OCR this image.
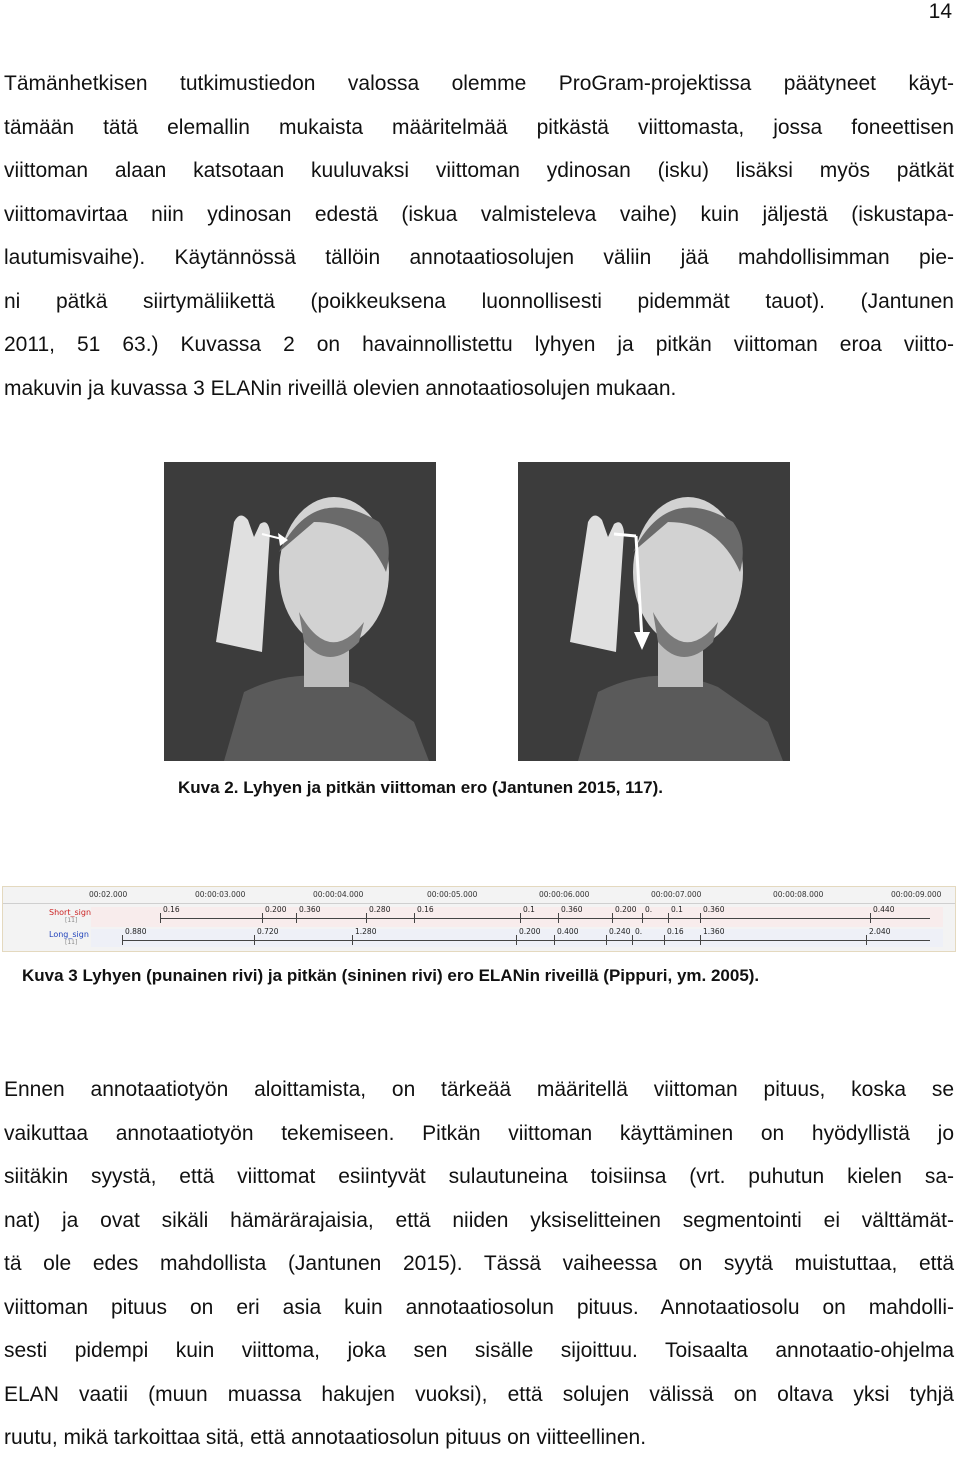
14
Tämänhetkisen tutkimustiedon valossa olemme ProGram-projektissa päätyneet käyt-
tämään tätä elemallin mukaista määritelmää pitkästä viittomasta, jossa foneettisen
viittoman alaan katsotaan kuuluvaksi viittoman ydinosan (isku) lisäksi myös pätkät
viittomavirtaa niin ydinosan edestä (iskua valmisteleva vaihe) kuin jäljestä (iskustapa-
lautumisvaihe). Käytännössä tällöin annotaatiosolujen väliin jää mahdollisimman pie-
ni pätkä siirtymäliikettä (poikkeuksena luonnollisesti pidemmät tauot). (Jantunen
2011, 51 63.) Kuvassa 2 on havainnollistettu lyhyen ja pitkän viittoman eroa viitto-
makuvin ja kuvassa 3 ELANin riveillä olevien annotaatiosolujen mukaan.
Kuva 2. Lyhyen ja pitkän viittoman ero (Jantunen 2015, 117).
Short_sign
[11]
Long_sign
[11]
00:02.000	00:00:03.000	00:00:04.000	00:00:05.000	00:00:06.000	00:00:07.000	00:00:08.000	00:00:09.000
0.16	0.200 0.360	0.280	0.16	0.1	0.360	0.200 0.	0.1	0.360	0.440
0.880	0.720	1.280	0.200 0.400	0.240 0.	0.16	1.360	2.040
Kuva 3 Lyhyen (punainen rivi) ja pitkän (sininen rivi) ero ELANin riveillä (Pippuri, ym. 2005).
Ennen annotaatiotyön aloittamista, on tärkeää määritellä viittoman pituus, koska se
vaikuttaa annotaatiotyön tekemiseen. Pitkän viittoman käyttäminen on hyödyllistä jo
siitäkin syystä, että viittomat esiintyvät sulautuneina toisiinsa (vrt. puhutun kielen sa-
nat) ja ovat sikäli hämärärajaisia, että niiden yksiselitteinen segmentointi ei välttämät-
tä ole edes mahdollista (Jantunen 2015). Tässä vaiheessa on syytä muistuttaa, että
viittoman pituus on eri asia kuin annotaatiosolun pituus. Annotaatiosolu on mahdolli-
sesti pidempi kuin viittoma, joka sen sisälle sijoittuu. Toisaalta annotaatio-ohjelma
ELAN vaatii (muun muassa hakujen vuoksi), että solujen välissä on oltava yksi tyhjä
ruutu, mikä tarkoittaa sitä, että annotaatiosolun pituus on viitteellinen.
